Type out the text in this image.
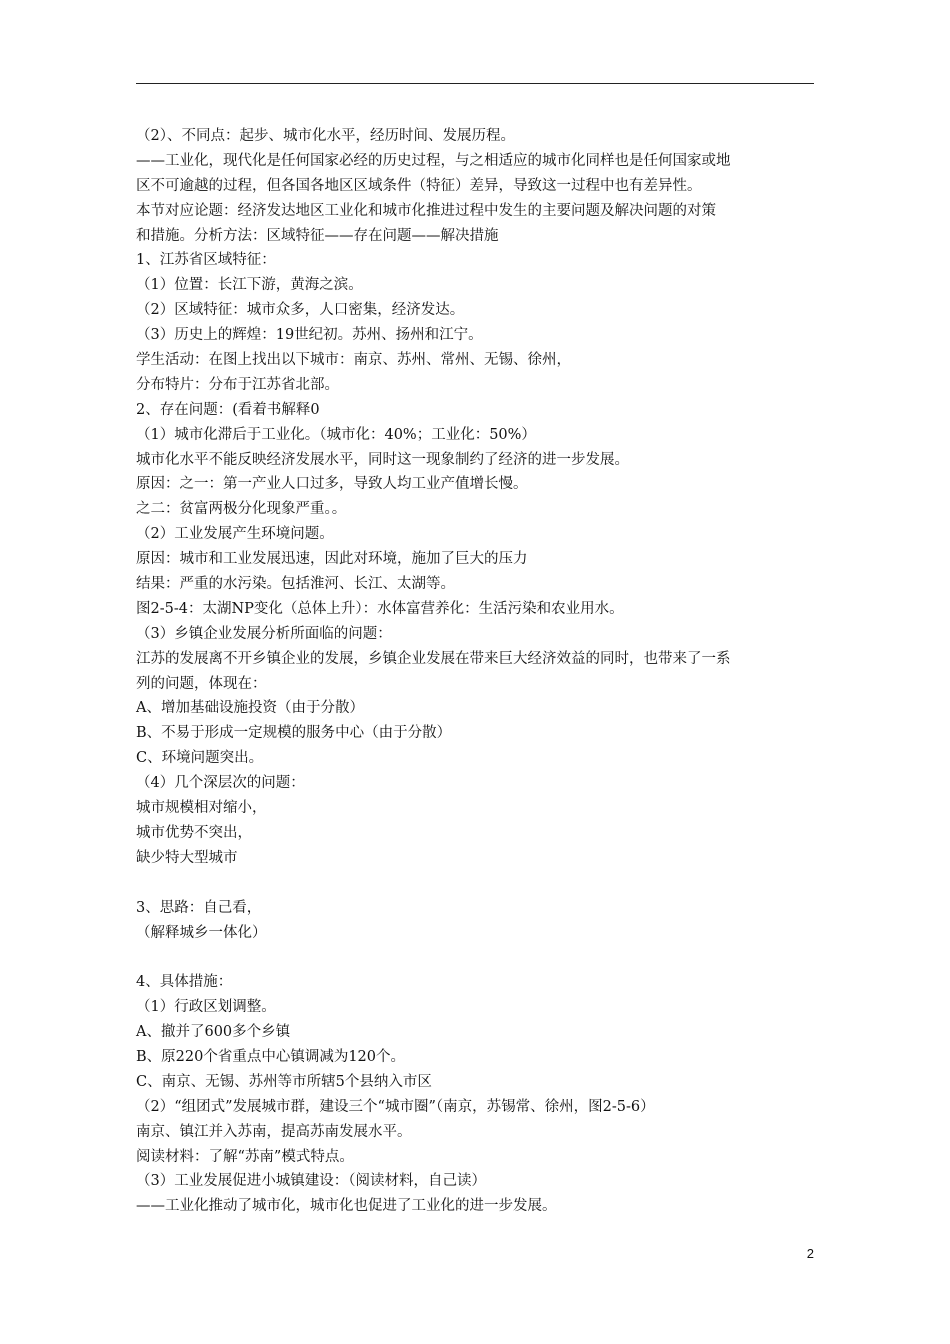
（2）、不同点：起步、城市化水平，经历时间、发展历程。
——工业化，现代化是任何国家必经的历史过程，与之相适应的城市化同样也是任何国家或地
区不可逾越的过程，但各国各地区区域条件（特征）差异，导致这一过程中也有差异性。
本节对应论题：经济发达地区工业化和城市化推进过程中发生的主要问题及解决问题的对策
和措施。分析方法：区域特征——存在问题——解决措施
1、江苏省区域特征：
（1）位置：长江下游，黄海之滨。
（2）区域特征：城市众多，人口密集，经济发达。
（3）历史上的辉煌：19世纪初。苏州、扬州和江宁。
学生活动：在图上找出以下城市：南京、苏州、常州、无锡、徐州，
分布特片：分布于江苏省北部。
2、存在问题：(看着书解释0
（1）城市化滞后于工业化。（城市化：40%；工业化：50%）
城市化水平不能反映经济发展水平，同时这一现象制约了经济的进一步发展。
原因：之一：第一产业人口过多，导致人均工业产值增长慢。
之二：贫富两极分化现象严重。。
（2）工业发展产生环境问题。
原因：城市和工业发展迅速，因此对环境，施加了巨大的压力
结果：严重的水污染。包括淮河、长江、太湖等。
图2-5-4：太湖NP变化（总体上升）：水体富营养化：生活污染和农业用水。
（3）乡镇企业发展分析所面临的问题：
江苏的发展离不开乡镇企业的发展，乡镇企业发展在带来巨大经济效益的同时，也带来了一系
列的问题，体现在：
A、增加基础设施投资（由于分散）
B、不易于形成一定规模的服务中心（由于分散）
C、环境问题突出。
（4）几个深层次的问题：
城市规模相对缩小，
城市优势不突出，
缺少特大型城市
3、思路：自己看，
（解释城乡一体化）
4、具体措施：
（1）行政区划调整。
A、撤并了600多个乡镇
B、原220个省重点中心镇调减为120个。
C、南京、无锡、苏州等市所辖5个县纳入市区
（2）“组团式”发展城市群，建设三个“城市圈”（南京，苏锡常、徐州，图2-5-6）
南京、镇江并入苏南，提高苏南发展水平。
阅读材料：了解“苏南”模式特点。
（3）工业发展促进小城镇建设：（阅读材料，自己读）
——工业化推动了城市化，城市化也促进了工业化的进一步发展。
2
